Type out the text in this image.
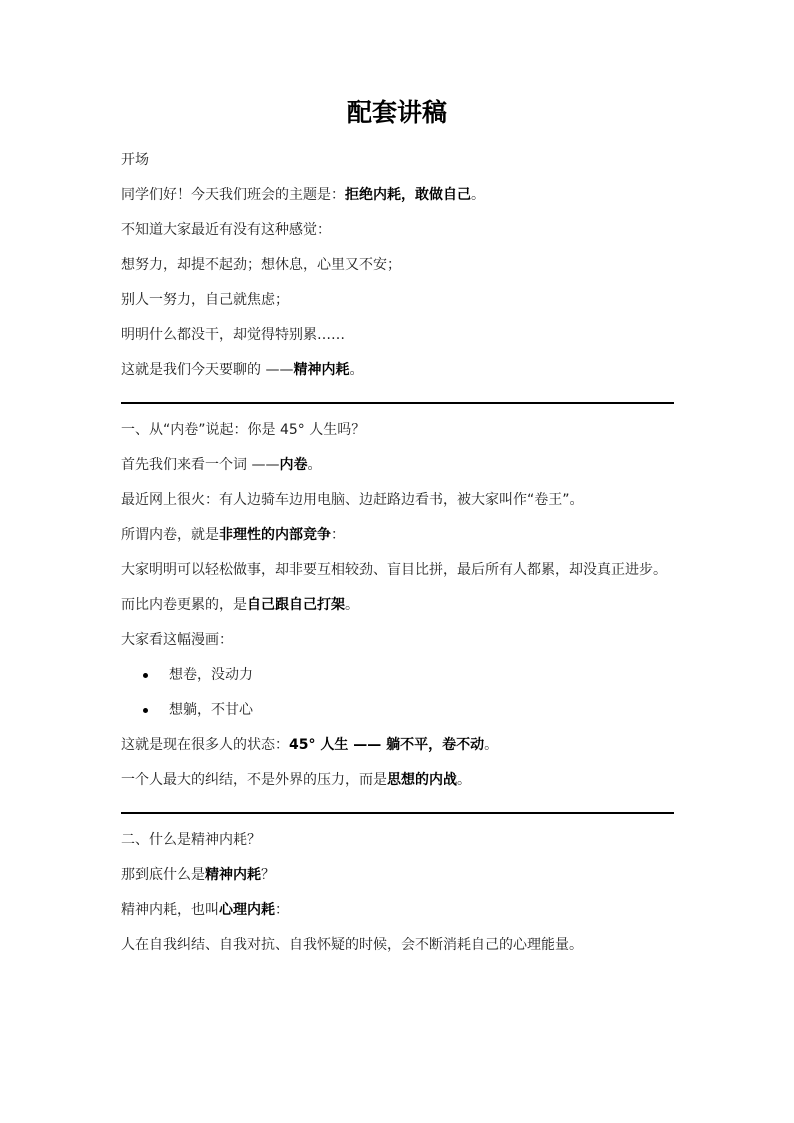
配套讲稿
开场
同学们好！今天我们班会的主题是：拒绝内耗，敢做自己。
不知道大家最近有没有这种感觉：
想努力，却提不起劲；想休息，心里又不安；
别人一努力，自己就焦虑；
明明什么都没干，却觉得特别累……
这就是我们今天要聊的 ——精神内耗。
一、从“内卷”说起：你是 45° 人生吗？
首先我们来看一个词 ——内卷。
最近网上很火：有人边骑车边用电脑、边赶路边看书，被大家叫作“卷王”。
所谓内卷，就是非理性的内部竞争：
大家明明可以轻松做事，却非要互相较劲、盲目比拼，最后所有人都累，却没真正进步。
而比内卷更累的，是自己跟自己打架。
大家看这幅漫画：
想卷，没动力
想躺，不甘心
这就是现在很多人的状态：45° 人生 —— 躺不平，卷不动。
一个人最大的纠结，不是外界的压力，而是思想的内战。
二、什么是精神内耗？
那到底什么是精神内耗？
精神内耗，也叫心理内耗：
人在自我纠结、自我对抗、自我怀疑的时候，会不断消耗自己的心理能量。
